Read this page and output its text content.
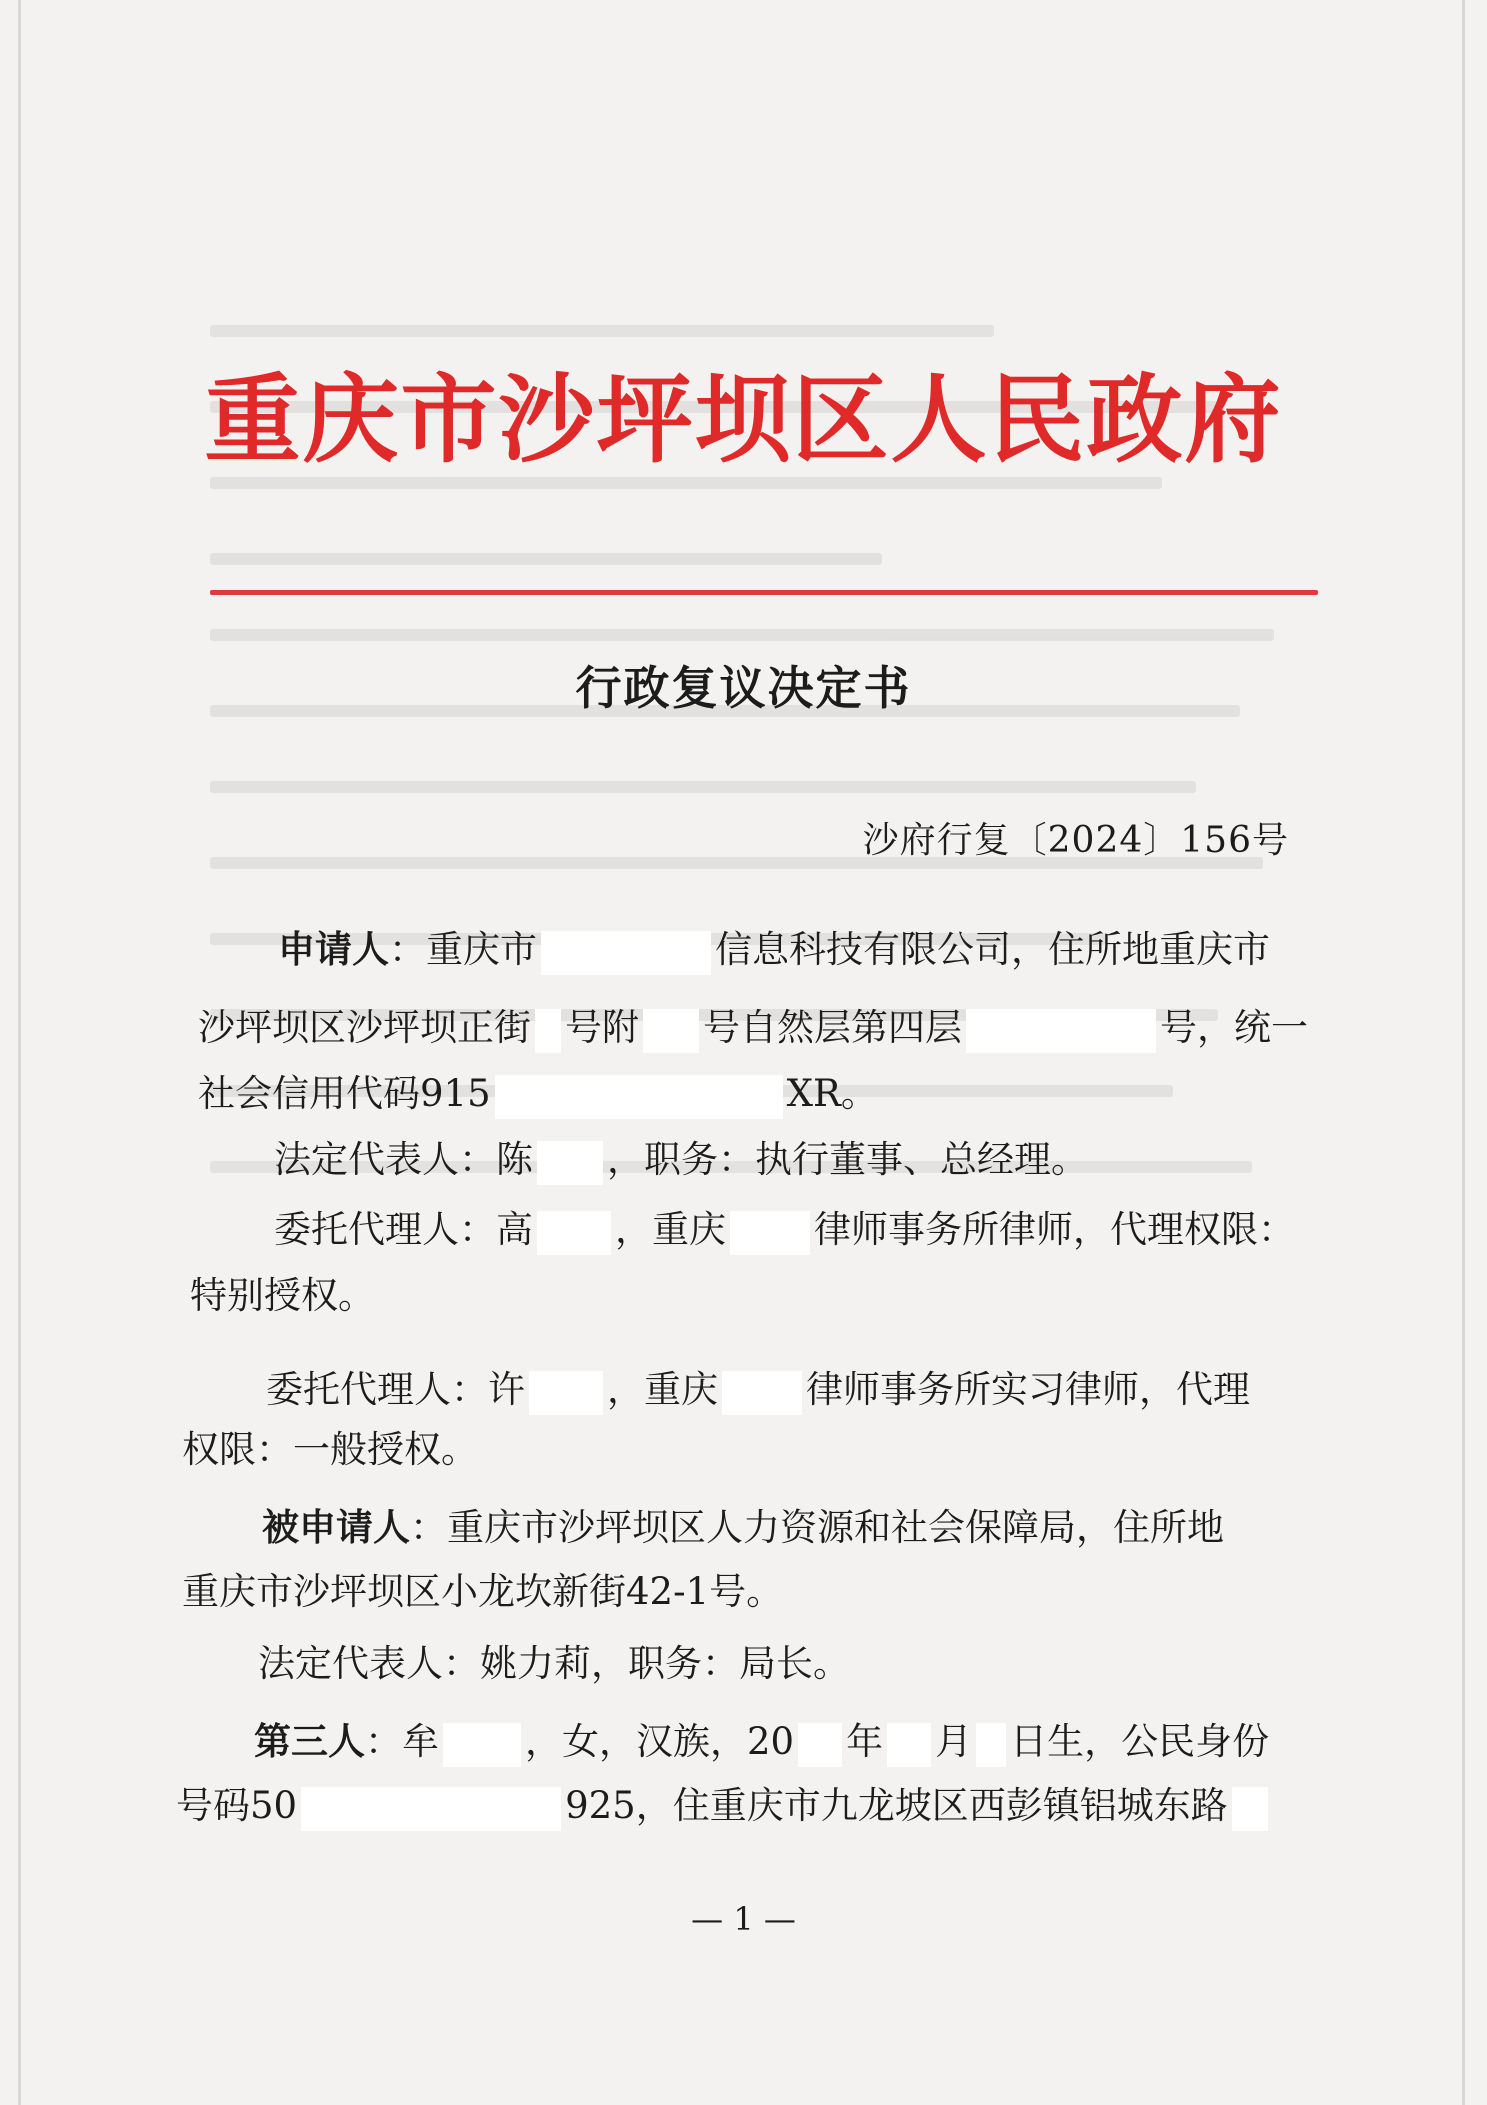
重庆市沙坪坝区人民政府
行政复议决定书
沙府行复〔2024〕156号
申请人：重庆市	信息科技有限公司，住所地重庆市
沙坪坝区沙坪坝正街 号附 号自然层第四层	号，统一
社会信用代码915	XR。
法定代表人：陈 ，职务：执行董事、总经理。
委托代理人：高 ，重庆 律师事务所律师，代理权限：
特别授权。
委托代理人：许 ，重庆 律师事务所实习律师，代理
权限：一般授权。
被申请人：重庆市沙坪坝区人力资源和社会保障局，住所地
重庆市沙坪坝区小龙坎新街42-1号。
法定代表人：姚力莉，职务：局长。
第三人：牟 ，女，汉族，20 年 月 日生，公民身份
号码50	925，住重庆市九龙坡区西彭镇铝城东路
— 1 —
